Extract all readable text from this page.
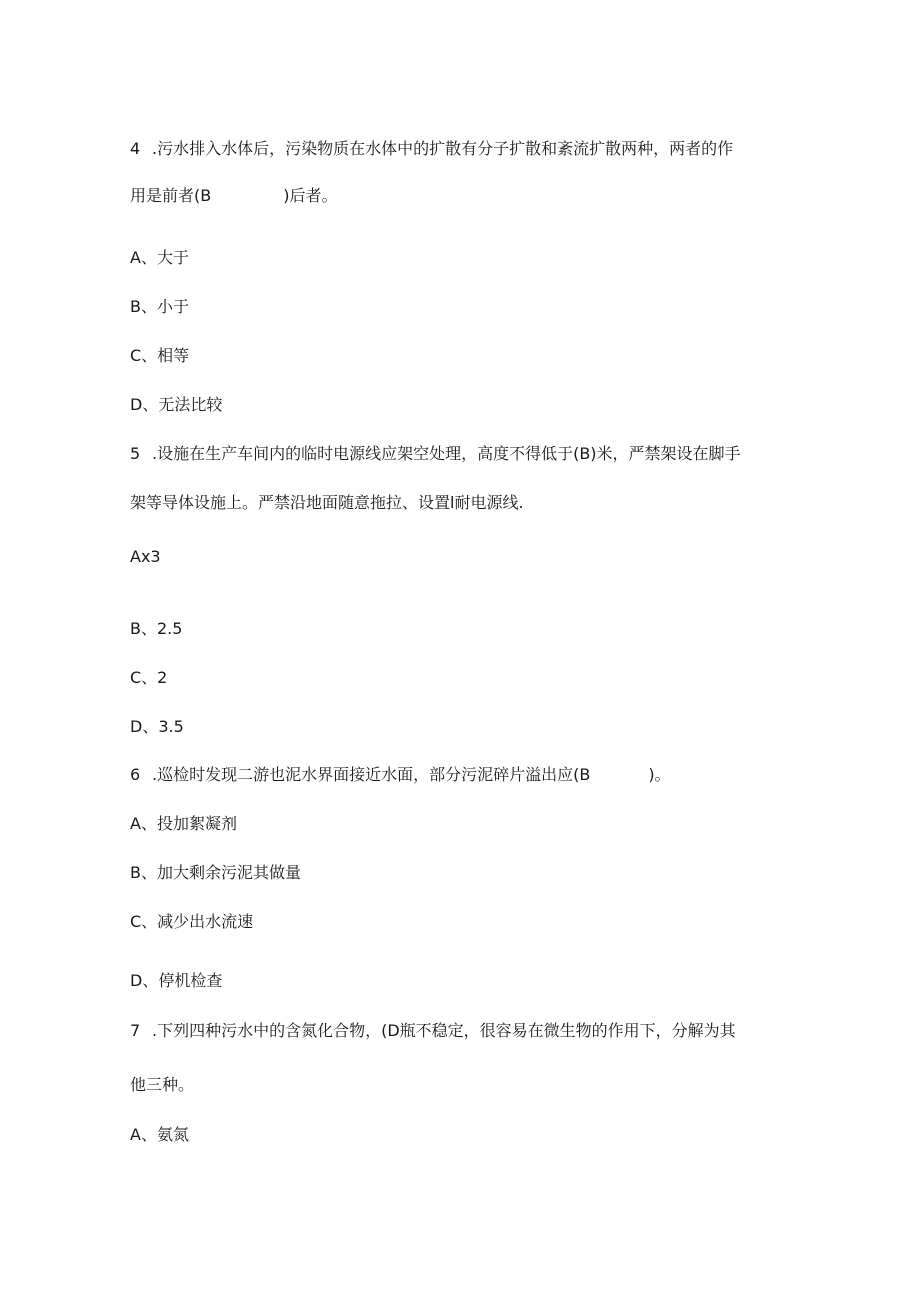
4 .污水排入水体后，污染物质在水体中的扩散有分子扩散和紊流扩散两种，两者的作
用是前者(B	)后者。
A、大于
B、小于
C、相等
D、无法比较
5 .设施在生产车间内的临时电源线应架空处理，高度不得低于(B)米，严禁架设在脚手
架等导体设施上。严禁沿地面随意拖拉、设置l耐电源线.
Ax3
B、2.5
C、2
D、3.5
6 .巡检时发现二游也泥水界面接近水面，部分污泥碎片溢出应(B	)。
A、投加絮凝剂
B、加大剩余污泥其做量
C、减少出水流速
D、停机检查
7 .下列四种污水中的含氮化合物，(D瓶不稳定，很容易在微生物的作用下，分解为其
他三种。
A、氨氮
